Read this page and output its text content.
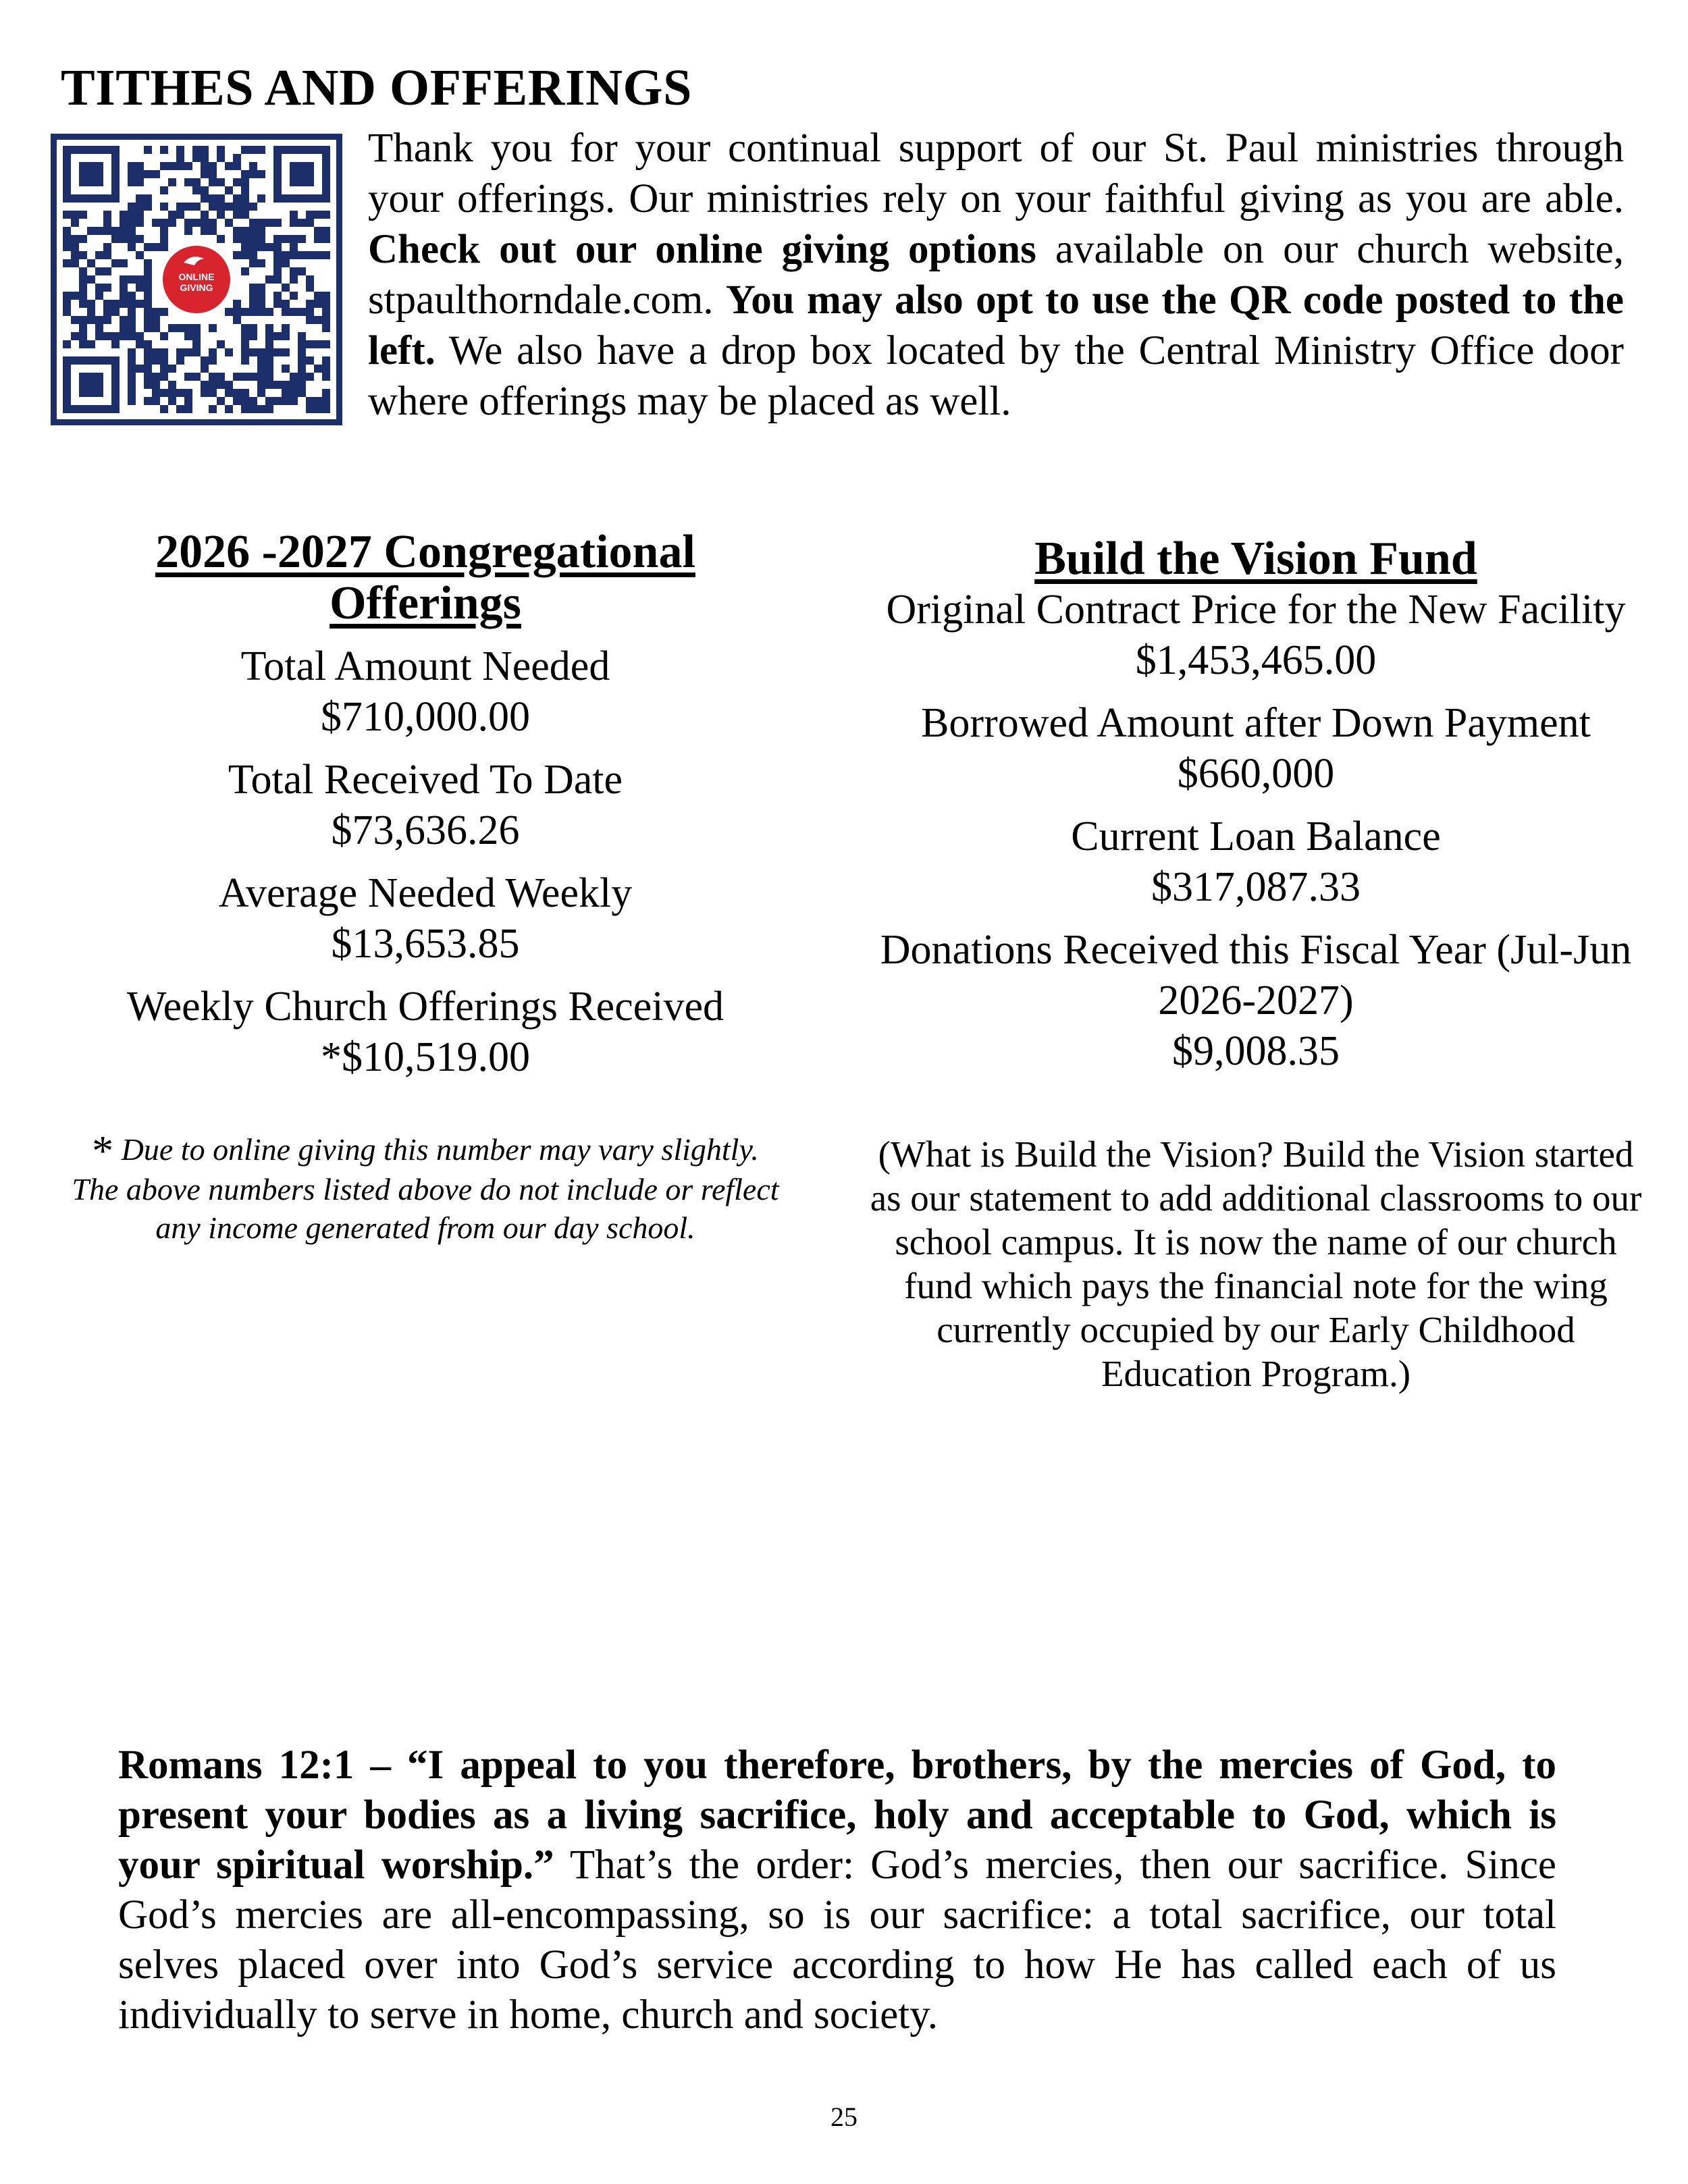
TITHES AND OFFERINGS
ONLINE
GIVING
Thank you for your continual support of our St. Paul ministries through your offerings. Our ministries rely on your faithful giving as you are able. Check out our online giving options available on our church website, stpaulthorndale.com. You may also opt to use the QR code posted to the left. We also have a drop box located by the Central Ministry Office door where offerings may be placed as well.
2026 -2027 Congregational Offerings
Total Amount Needed
$710,000.00
Total Received To Date
$73,636.26
Average Needed Weekly
$13,653.85
Weekly Church Offerings Received
*$10,519.00
* Due to online giving this number may vary slightly. The above numbers listed above do not include or reflect any income generated from our day school.
Build the Vision Fund
Original Contract Price for the New Facility
$1,453,465.00
Borrowed Amount after Down Payment
$660,000
Current Loan Balance
$317,087.33
Donations Received this Fiscal Year (Jul-Jun 2026-2027)
$9,008.35
(What is Build the Vision? Build the Vision started as our statement to add additional classrooms to our school campus. It is now the name of our church fund which pays the financial note for the wing currently occupied by our Early Childhood Education Program.)
Romans 12:1 – “I appeal to you therefore, brothers, by the mercies of God, to present your bodies as a living sacrifice, holy and acceptable to God, which is your spiritual worship.” That’s the order: God’s mercies, then our sacrifice. Since God’s mercies are all-encompassing, so is our sacrifice: a total sacrifice, our total selves placed over into God’s service according to how He has called each of us individually to serve in home, church and society.
25
